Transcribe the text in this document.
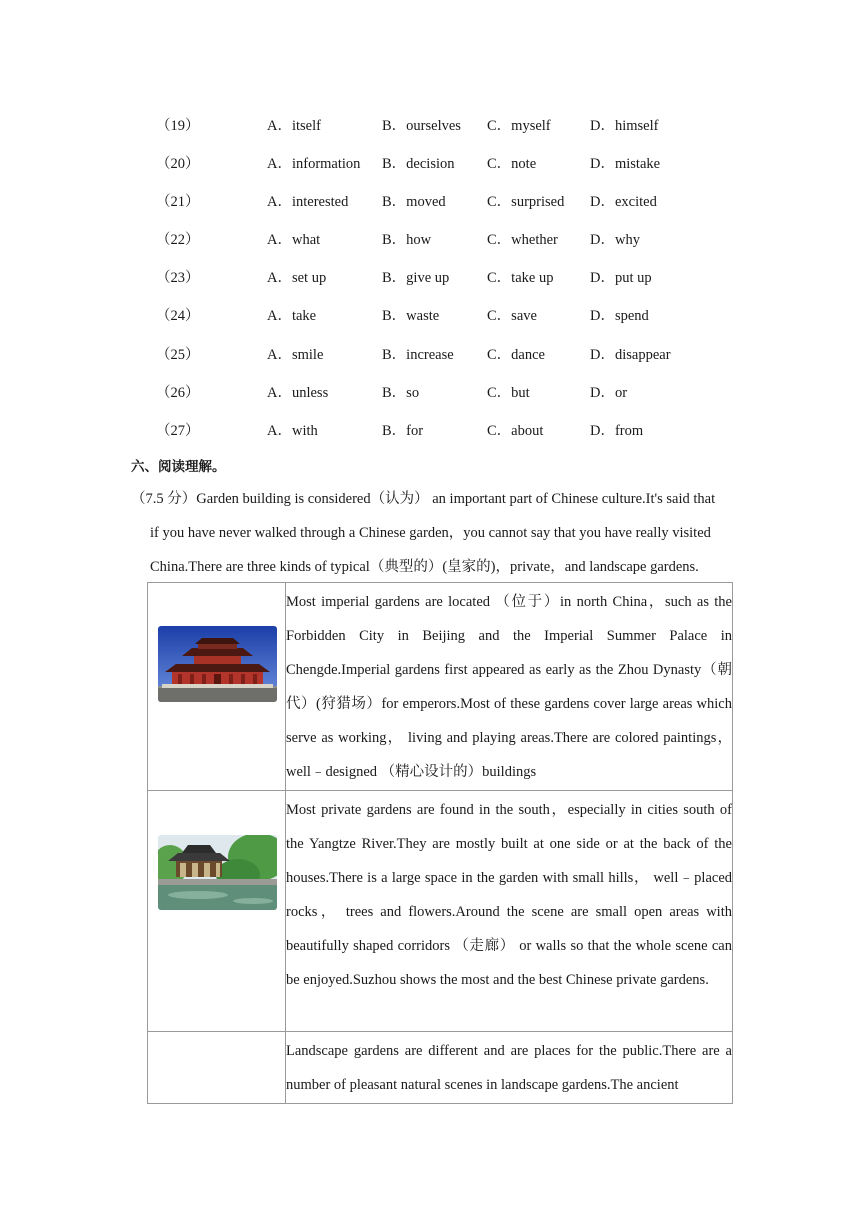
（19）	A．itself	B．ourselves C．myself	D．himself
（20）	A．information B．decision C．note	D．mistake
（21）	A．interested B．moved	C．surprised D．excited
（22）	A．what	B．how	C．whether D．why
（23）	A．set up	B．give up	C．take up	D．put up
（24）	A．take	B．waste	C．save	D．spend
（25）	A．smile	B．increase C．dance	D．disappear
（26）	A．unless	B．so	C．but	D．or
（27）	A．with	B．for	C．about	D．from
六、阅读理解。
（7.5 分）Garden building is considered（认为） an important part of Chinese culture.It's said that
if you have never walked through a Chinese garden，you cannot say that you have really visited
China.There are three kinds of typical（典型的）(皇家的)，private，and landscape gardens.

Most imperial gardens are located （位于）in north China，such as the Forbidden City in Beijing and the Imperial Summer Palace in Chengde.Imperial gardens first appeared as early as the Zhou Dynasty（朝代）(狩猎场）for emperors.Most of these gardens cover large areas which serve as working， living and playing areas.There are colored paintings，well﹣designed （精心设计的）buildings

Most private gardens are found in the south，especially in cities south of the Yangtze River.They are mostly built at one side or at the back of the houses.There is a large space in the garden with small hills， well﹣placed rocks， trees and flowers.Around the scene are small open areas with beautifully shaped corridors （走廊） or walls so that the whole scene can be enjoyed.Suzhou shows the most and the best Chinese private gardens.

	Landscape gardens are different and are places for the public.There are a number of pleasant natural scenes in landscape gardens.The ancient
